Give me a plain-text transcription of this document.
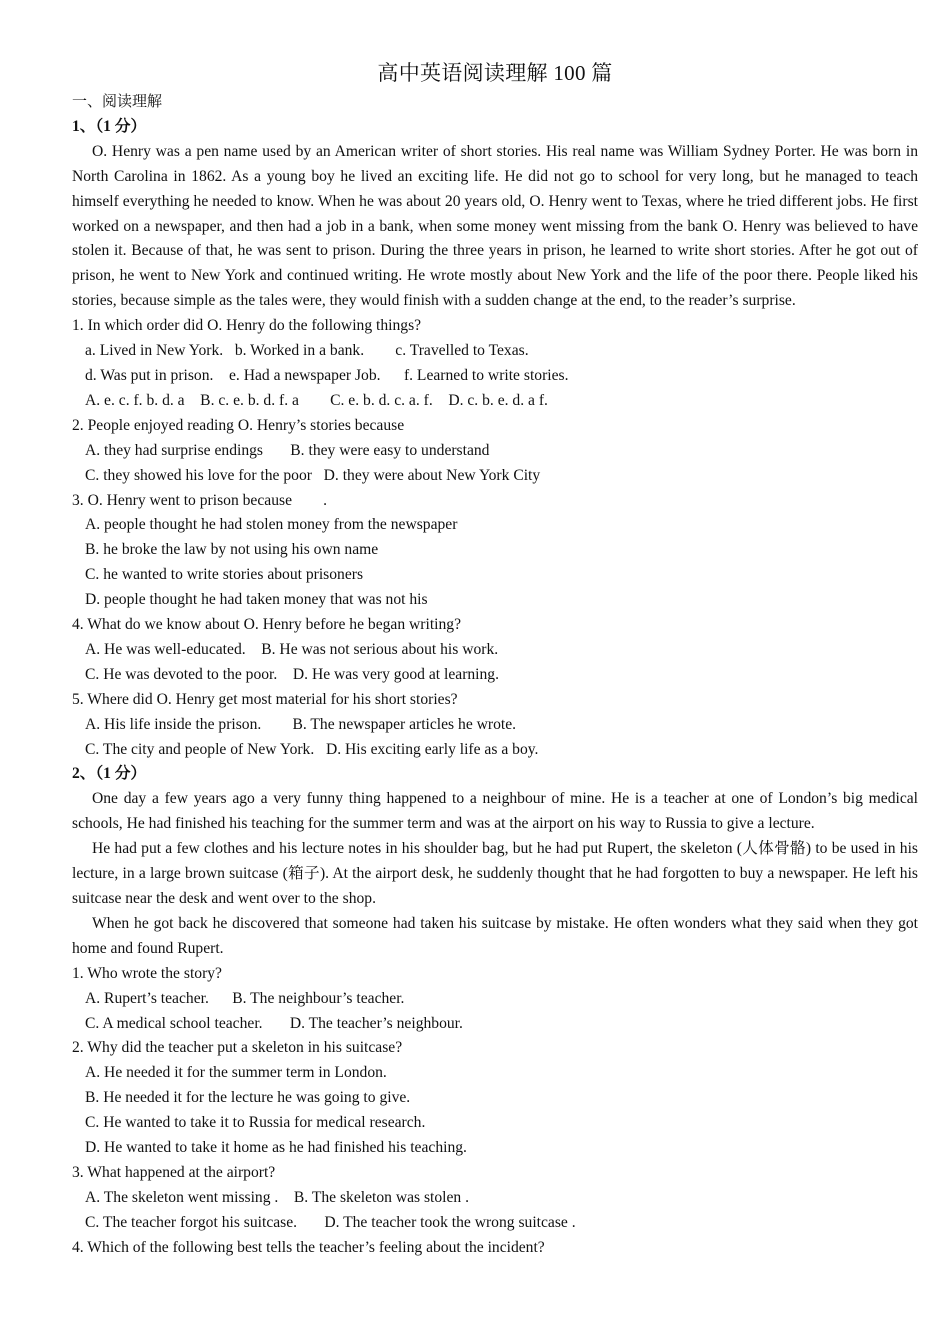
高中英语阅读理解 100 篇
一、阅读理解
1、（1 分）

O. Henry was a pen name used by an American writer of short stories. His real name was William Sydney Porter. He was born in North Carolina in 1862. As a young boy he lived an exciting life. He did not go to school for very long, but he managed to teach himself everything he needed to know. When he was about 20 years old, O. Henry went to Texas, where he tried different jobs. He first worked on a newspaper, and then had a job in a bank, when some money went missing from the bank O. Henry was believed to have stolen it. Because of that, he was sent to prison. During the three years in prison, he learned to write short stories. After he got out of prison, he went to New York and continued writing. He wrote mostly about New York and the life of the poor there. People liked his stories, because simple as the tales were, they would finish with a sudden change at the end, to the reader’s surprise.

1. In which order did O. Henry do the following things?
a. Lived in New York.   b. Worked in a bank.        c. Travelled to Texas.
d. Was put in prison.    e. Had a newspaper Job.      f. Learned to write stories.
A. e. c. f. b. d. a    B. c. e. b. d. f. a        C. e. b. d. c. a. f.    D. c. b. e. d. a f.
2. People enjoyed reading O. Henry’s stories because
A. they had surprise endings       B. they were easy to understand
C. they showed his love for the poor   D. they were about New York City
3. O. Henry went to prison because        .
A. people thought he had stolen money from the newspaper
B. he broke the law by not using his own name
C. he wanted to write stories about prisoners
D. people thought he had taken money that was not his
4. What do we know about O. Henry before he began writing?
A. He was well-educated.    B. He was not serious about his work.
C. He was devoted to the poor.    D. He was very good at learning.
5. Where did O. Henry get most material for his short stories?
A. His life inside the prison.        B. The newspaper articles he wrote.
C. The city and people of New York.   D. His exciting early life as a boy.
2、（1 分）

One day a few years ago a very funny thing happened to a neighbour of mine. He is a teacher at one of London’s big medical schools, He had finished his teaching for the summer term and was at the airport on his way to Russia to give a lecture.

He had put a few clothes and his lecture notes in his shoulder bag, but he had put Rupert, the skeleton (人体骨骼) to be used in his lecture, in a large brown suitcase (箱子). At the airport desk, he suddenly thought that he had forgotten to buy a newspaper. He left his suitcase near the desk and went over to the shop.

When he got back he discovered that someone had taken his suitcase by mistake. He often wonders what they said when they got home and found Rupert.

1. Who wrote the story?
A. Rupert’s teacher.      B. The neighbour’s teacher.
C. A medical school teacher.       D. The teacher’s neighbour.
2. Why did the teacher put a skeleton in his suitcase?
A. He needed it for the summer term in London.
B. He needed it for the lecture he was going to give.
C. He wanted to take it to Russia for medical research.
D. He wanted to take it home as he had finished his teaching.
3. What happened at the airport?
A. The skeleton went missing .    B. The skeleton was stolen .
C. The teacher forgot his suitcase.       D. The teacher took the wrong suitcase .
4. Which of the following best tells the teacher’s feeling about the incident?
